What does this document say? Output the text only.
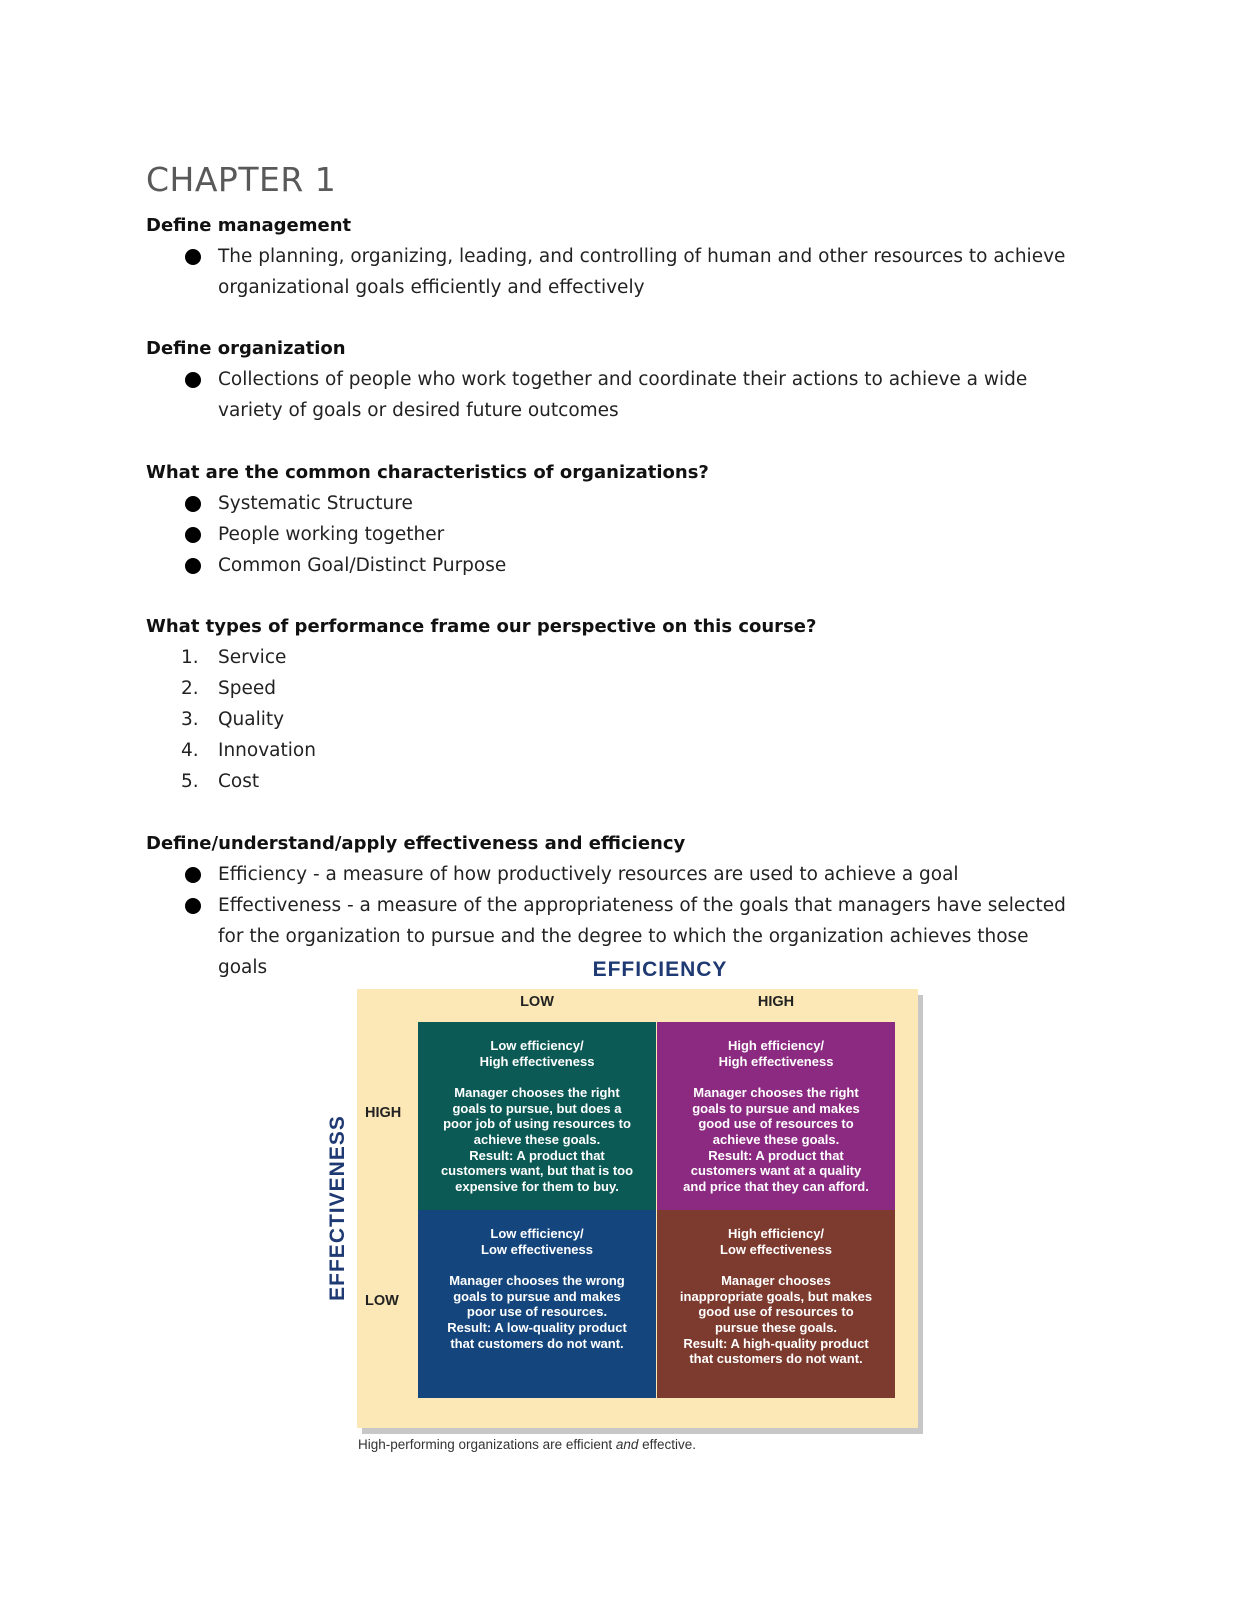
CHAPTER 1
Define management
The planning, organizing, leading, and controlling of human and other resources to achieve organizational goals efficiently and effectively
Define organization
Collections of people who work together and coordinate their actions to achieve a wide variety of goals or desired future outcomes
What are the common characteristics of organizations?
Systematic Structure
People working together
Common Goal/Distinct Purpose
What types of performance frame our perspective on this course?
1. Service
2. Speed
3. Quality
4. Innovation
5. Cost
Define/understand/apply effectiveness and efficiency
Efficiency - a measure of how productively resources are used to achieve a goal
Effectiveness - a measure of the appropriateness of the goals that managers have selected for the organization to pursue and the degree to which the organization achieves those goals	EFFICIENCY
LOW	HIGH
HIGH
LOW
EFFECTIVENESS

Low efficiency/
High effectiveness

Manager chooses the right
goals to pursue, but does a
poor job of using resources to
achieve these goals.
Result: A product that
customers want, but that is too
expensive for them to buy.

High efficiency/
High effectiveness

Manager chooses the right
goals to pursue and makes
good use of resources to
achieve these goals.
Result: A product that
customers want at a quality
and price that they can afford.

Low efficiency/
Low effectiveness

Manager chooses the wrong
goals to pursue and makes
poor use of resources.
Result: A low-quality product
that customers do not want.

High efficiency/
Low effectiveness

Manager chooses
inappropriate goals, but makes
good use of resources to
pursue these goals.
Result: A high-quality product
that customers do not want.

High-performing organizations are efficient and effective.
